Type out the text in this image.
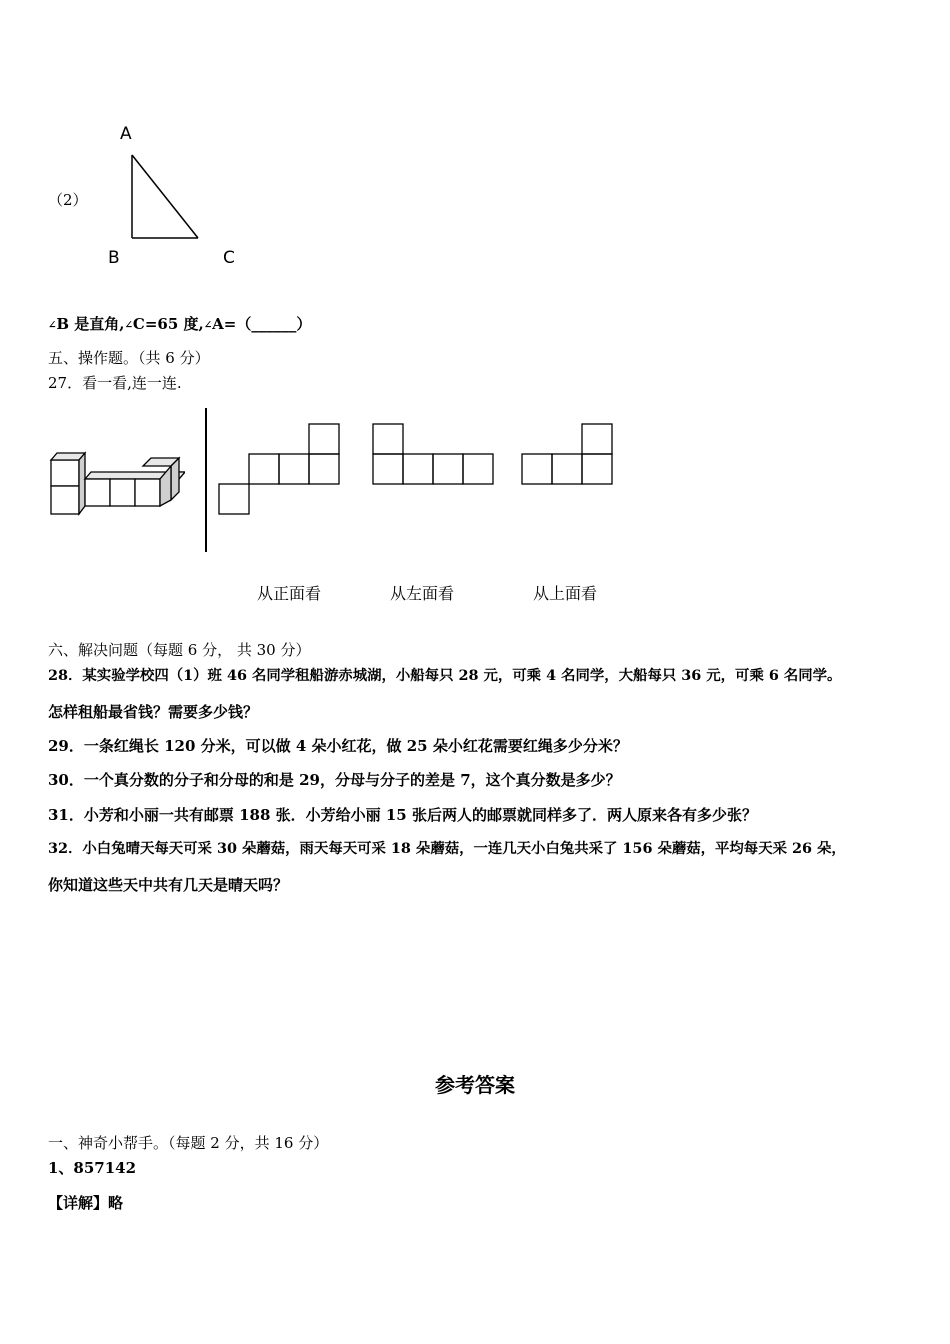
（2）
A
B	C
∠B 是直角,∠C=65 度,∠A=（______）
五、操作题。（共 6 分）
27．看一看,连一连.
从正面看	从左面看	从上面看
六、解决问题（每题 6 分， 共 30 分）
28．某实验学校四（1）班 46 名同学租船游赤城湖，小船每只 28 元，可乘 4 名同学，大船每只 36 元，可乘 6 名同学。
怎样租船最省钱？需要多少钱？
29．一条红绳长 120 分米，可以做 4 朵小红花，做 25 朵小红花需要红绳多少分米？
30．一个真分数的分子和分母的和是 29，分母与分子的差是 7，这个真分数是多少？
31．小芳和小丽一共有邮票 188 张．小芳给小丽 15 张后两人的邮票就同样多了．两人原来各有多少张？
32．小白兔晴天每天可采 30 朵蘑菇，雨天每天可采 18 朵蘑菇，一连几天小白兔共采了 156 朵蘑菇，平均每天采 26 朵，
你知道这些天中共有几天是晴天吗？
参考答案
一、神奇小帮手。（每题 2 分，共 16 分）
1、857142
【详解】略
